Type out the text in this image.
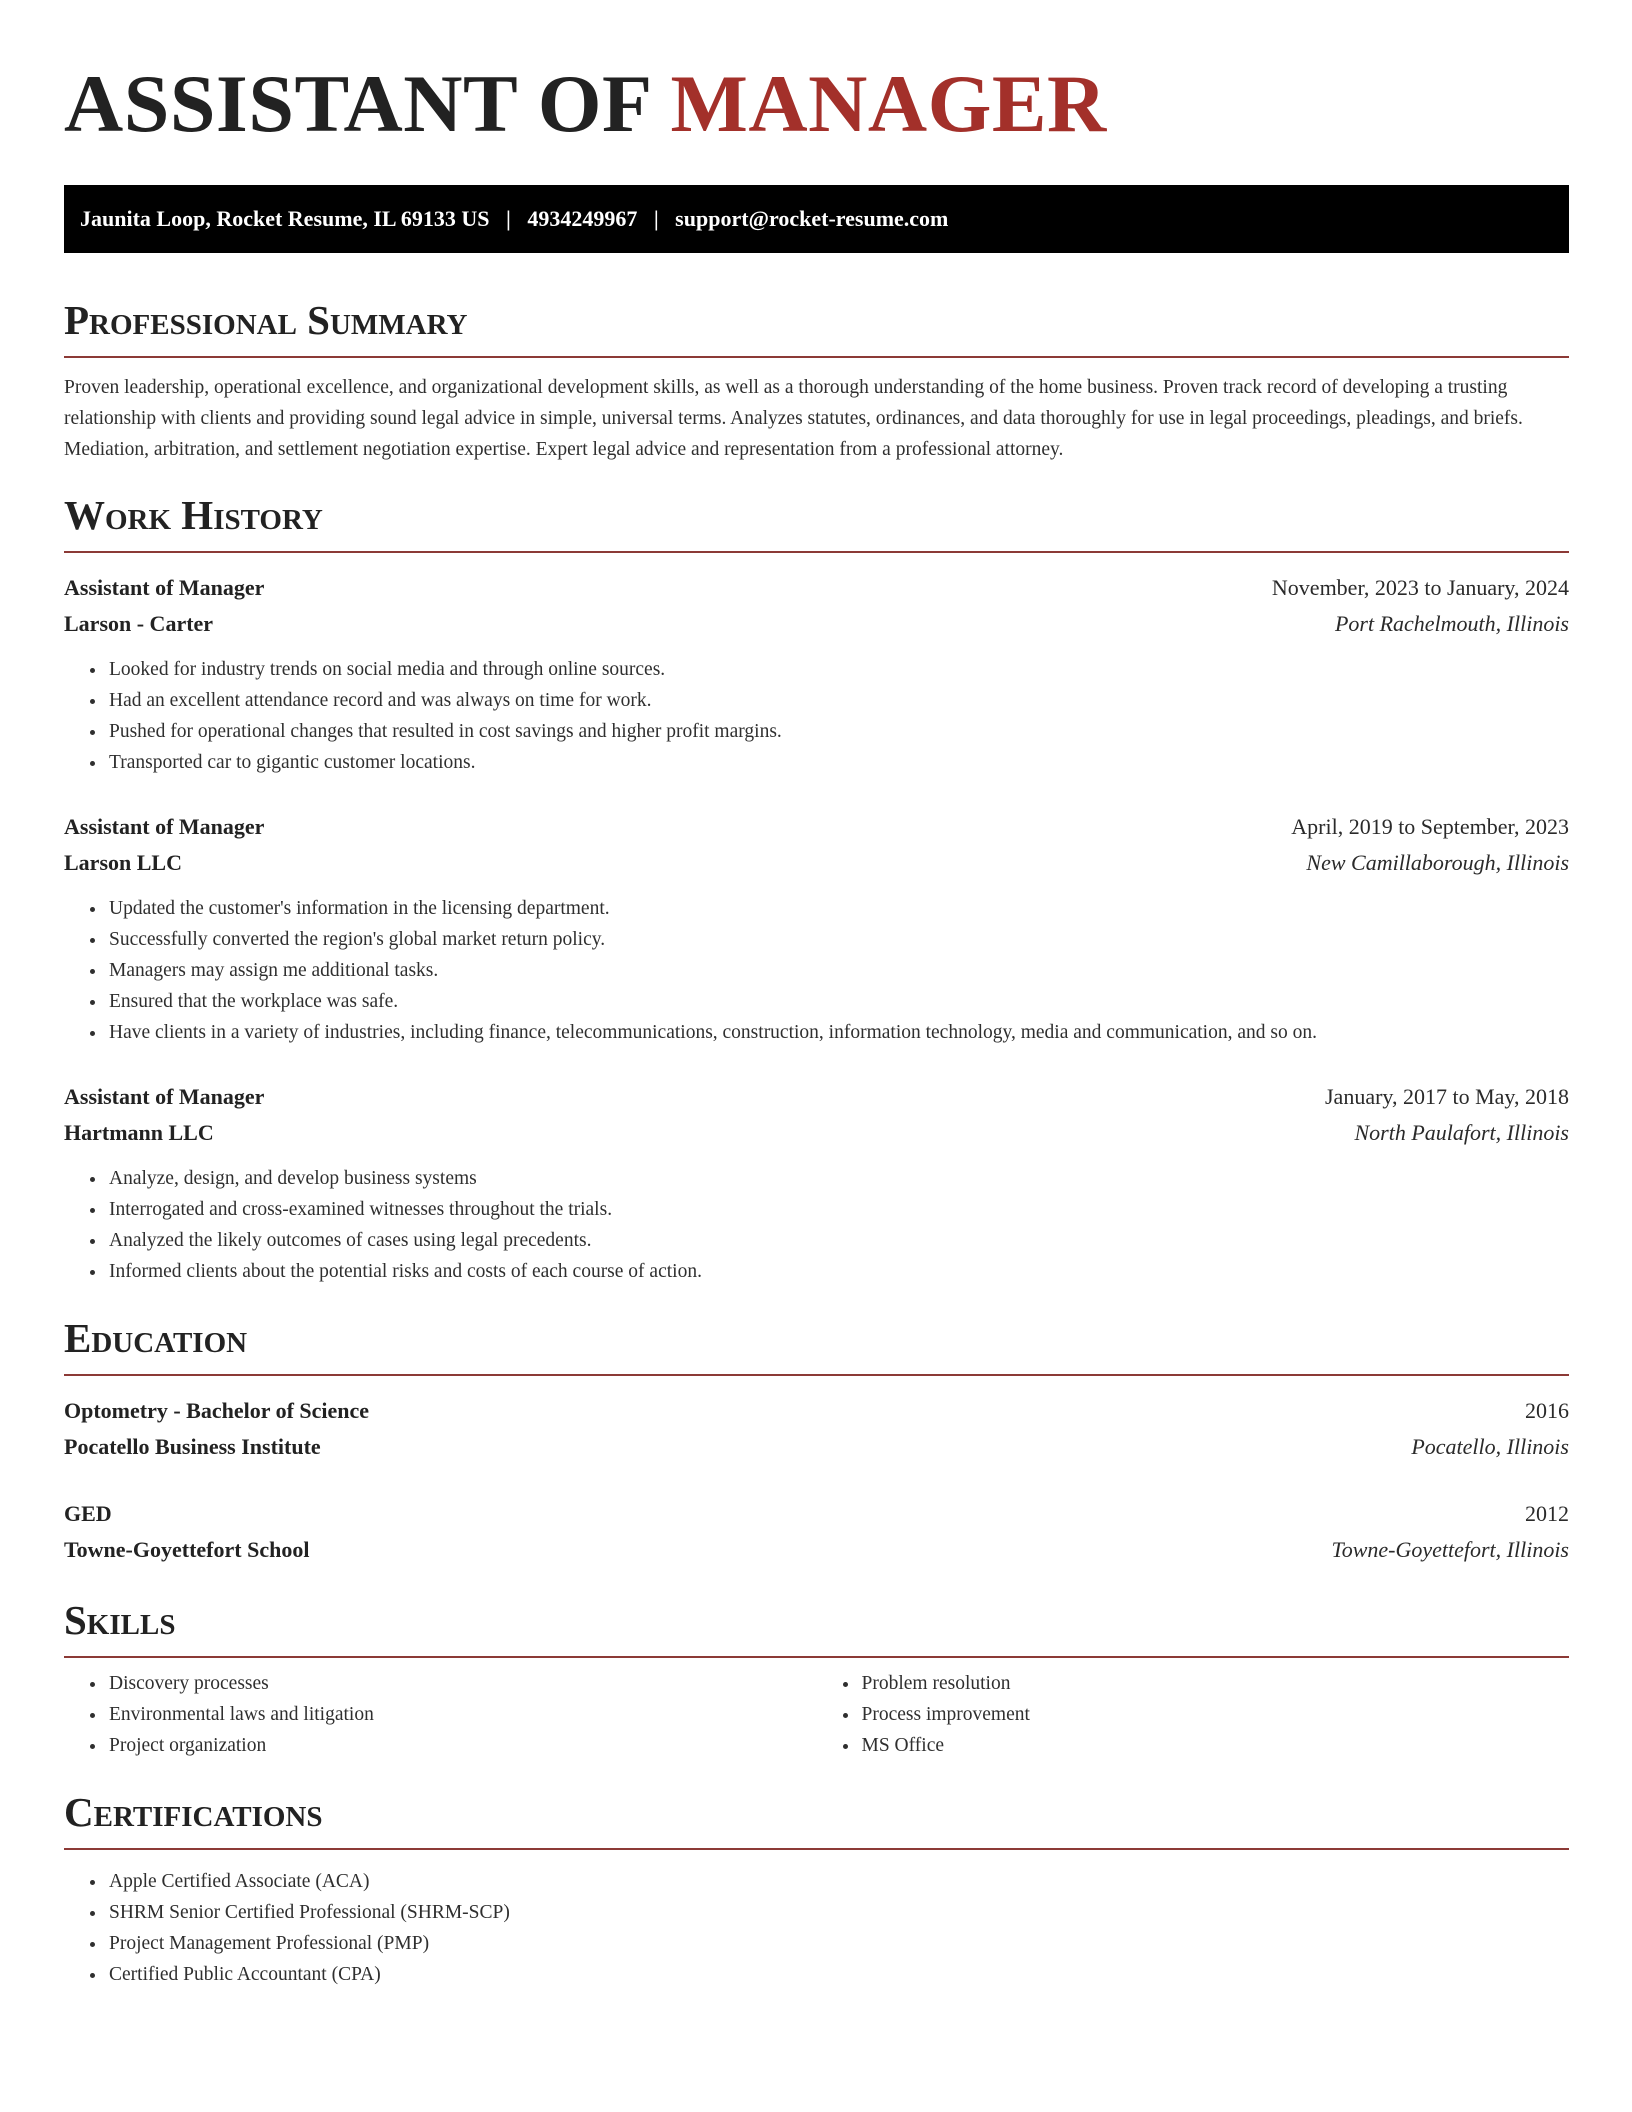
ASSISTANT OF MANAGER
Jaunita Loop, Rocket Resume, IL 69133 US   |   4934249967   |   support@rocket-resume.com
Professional Summary

Proven leadership, operational excellence, and organizational development skills, as well as a thorough understanding of the home business. Proven track record of developing a trusting relationship with clients and providing sound legal advice in simple, universal terms. Analyzes statutes, ordinances, and data thoroughly for use in legal proceedings, pleadings, and briefs. Mediation, arbitration, and settlement negotiation expertise. Expert legal advice and representation from a professional attorney.

Work History
Assistant of Manager	November, 2023 to January, 2024
Larson - Carter	Port Rachelmouth, Illinois
• Looked for industry trends on social media and through online sources.
• Had an excellent attendance record and was always on time for work.
• Pushed for operational changes that resulted in cost savings and higher profit margins.
• Transported car to gigantic customer locations.
Assistant of Manager	April, 2019 to September, 2023
Larson LLC	New Camillaborough, Illinois
• Updated the customer's information in the licensing department.
• Successfully converted the region's global market return policy.
• Managers may assign me additional tasks.
• Ensured that the workplace was safe.
• Have clients in a variety of industries, including finance, telecommunications, construction, information technology, media and communication, and so on.
Assistant of Manager	January, 2017 to May, 2018
Hartmann LLC	North Paulafort, Illinois
• Analyze, design, and develop business systems
• Interrogated and cross-examined witnesses throughout the trials.
• Analyzed the likely outcomes of cases using legal precedents.
• Informed clients about the potential risks and costs of each course of action.
Education
Optometry - Bachelor of Science	2016
Pocatello Business Institute	Pocatello, Illinois
GED	2012
Towne-Goyettefort School	Towne-Goyettefort, Illinois
Skills
• Discovery processes
• Environmental laws and litigation
• Project organization
• Problem resolution
• Process improvement
• MS Office
Certifications
• Apple Certified Associate (ACA)
• SHRM Senior Certified Professional (SHRM-SCP)
• Project Management Professional (PMP)
• Certified Public Accountant (CPA)
